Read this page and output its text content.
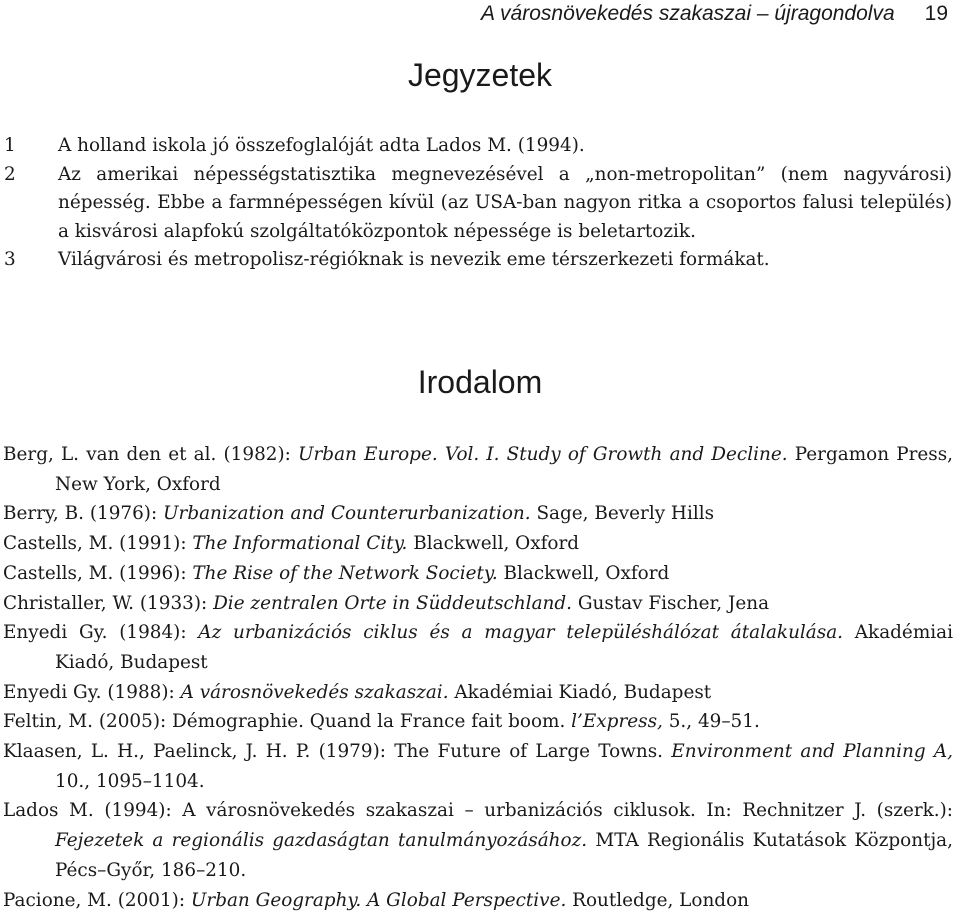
A városnövekedés szakaszai – újragondolva 19
Jegyzetek
1 A holland iskola jó összefoglalóját adta Lados M. (1994).
2 Az amerikai népességstatisztika megnevezésével a „non-metropolitan” (nem nagyvárosi) népesség. Ebbe a farmnépességen kívül (az USA-ban nagyon ritka a csoportos falusi település) a kisvárosi alapfokú szolgáltatóközpontok népessége is beletartozik.
3 Világvárosi és metropolisz-régióknak is nevezik eme térszerkezeti formákat.
Irodalom
Berg, L. van den et al. (1982): Urban Europe. Vol. I. Study of Growth and Decline. Pergamon Press, New York, Oxford
Berry, B. (1976): Urbanization and Counterurbanization. Sage, Beverly Hills
Castells, M. (1991): The Informational City. Blackwell, Oxford
Castells, M. (1996): The Rise of the Network Society. Blackwell, Oxford
Christaller, W. (1933): Die zentralen Orte in Süddeutschland. Gustav Fischer, Jena
Enyedi Gy. (1984): Az urbanizációs ciklus és a magyar településhálózat átalakulása. Akadémiai Kiadó, Budapest
Enyedi Gy. (1988): A városnövekedés szakaszai. Akadémiai Kiadó, Budapest
Feltin, M. (2005): Démographie. Quand la France fait boom. l’Express, 5., 49–51.
Klaasen, L. H., Paelinck, J. H. P. (1979): The Future of Large Towns. Environment and Planning A, 10., 1095–1104.
Lados M. (1994): A városnövekedés szakaszai – urbanizációs ciklusok. In: Rechnitzer J. (szerk.): Fejezetek a regionális gazdaságtan tanulmányozásához. MTA Regionális Kutatások Központja, Pécs–Győr, 186–210.
Pacione, M. (2001): Urban Geography. A Global Perspective. Routledge, London
